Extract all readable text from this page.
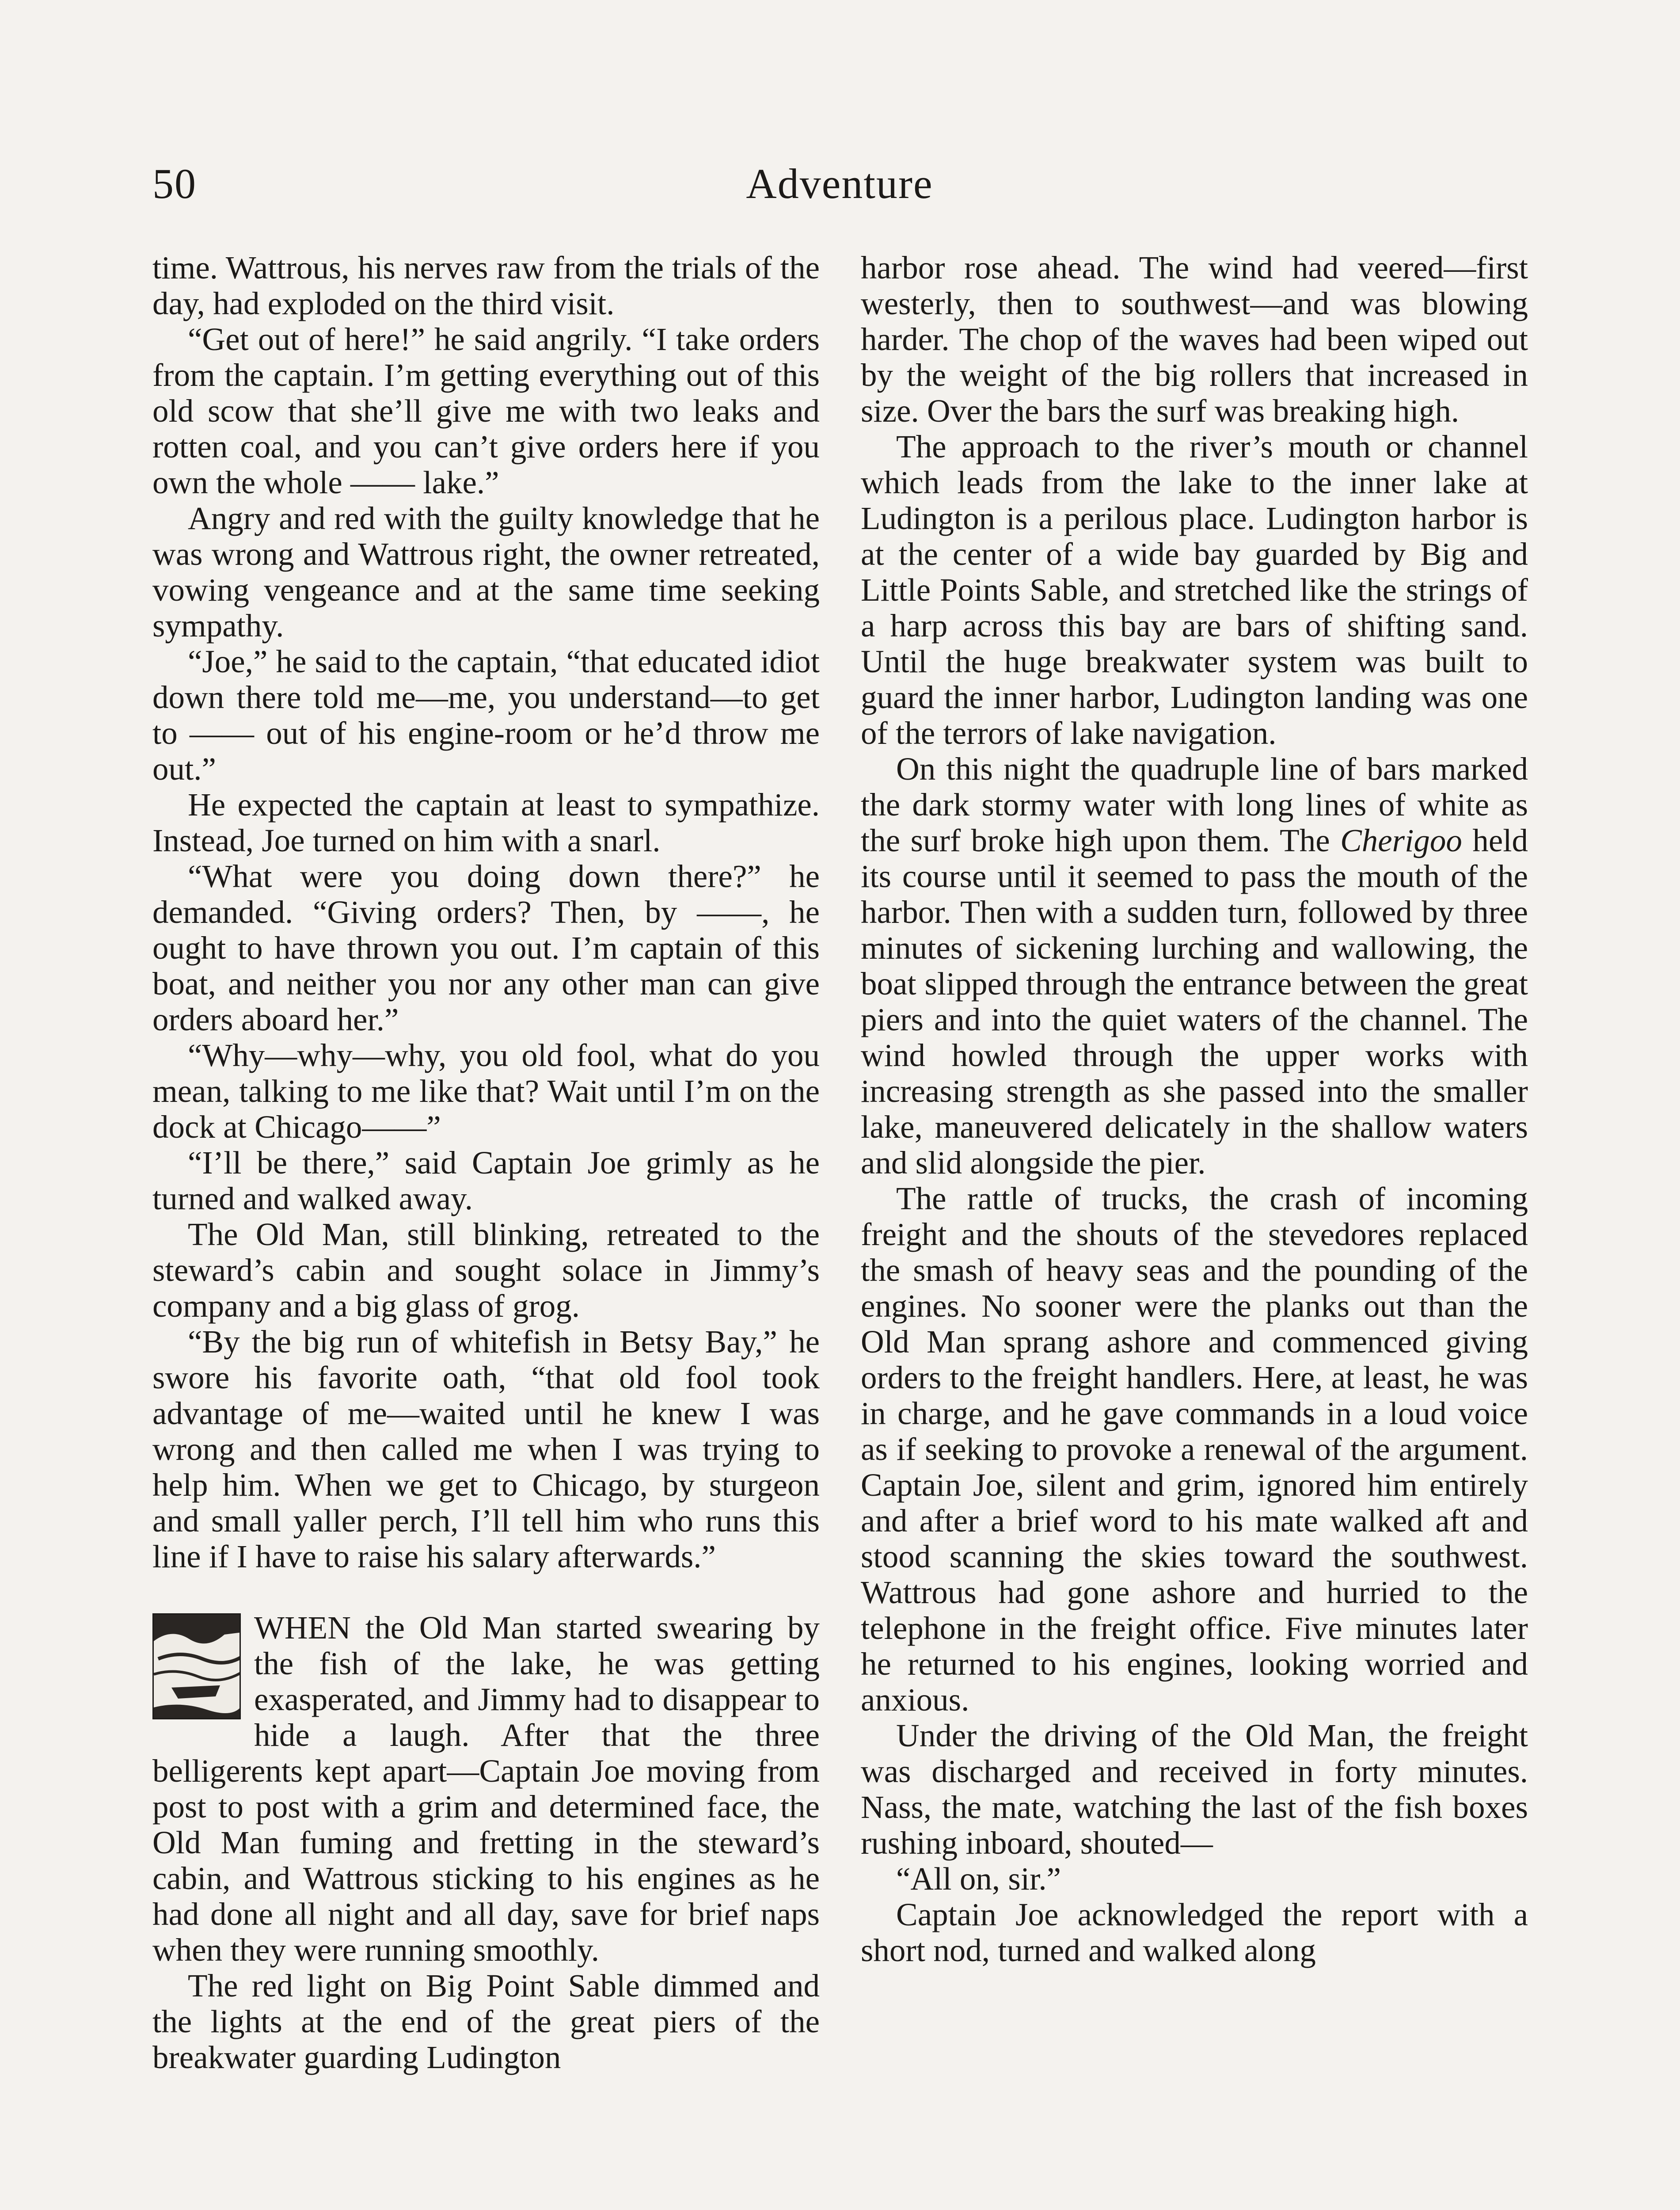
50	Adventure

time. Wattrous, his nerves raw from the trials of the day, had exploded on the third visit.

“Get out of here!” he said angrily. “I take orders from the captain. I’m getting everything out of this old scow that she’ll give me with two leaks and rotten coal, and you can’t give orders here if you own the whole —— lake.”

Angry and red with the guilty knowledge that he was wrong and Wattrous right, the owner retreated, vowing vengeance and at the same time seeking sympathy.

“Joe,” he said to the captain, “that educated idiot down there told me—me, you understand—to get to —— out of his engine-room or he’d throw me out.”

He expected the captain at least to sympathize. Instead, Joe turned on him with a snarl.

“What were you doing down there?” he demanded. “Giving orders? Then, by ——, he ought to have thrown you out. I’m captain of this boat, and neither you nor any other man can give orders aboard her.”

“Why—why—why, you old fool, what do you mean, talking to me like that? Wait until I’m on the dock at Chicago——”

“I’ll be there,” said Captain Joe grimly as he turned and walked away.

The Old Man, still blinking, retreated to the steward’s cabin and sought solace in Jimmy’s company and a big glass of grog.

“By the big run of whitefish in Betsy Bay,” he swore his favorite oath, “that old fool took advantage of me—waited until he knew I was wrong and then called me when I was trying to help him. When we get to Chicago, by sturgeon and small yaller perch, I’ll tell him who runs this line if I have to raise his salary afterwards.”

WHEN the Old Man started swearing by the fish of the lake, he was getting exasperated, and Jimmy had to disappear to hide a laugh. After that the three belligerents kept apart—Captain Joe moving from post to post with a grim and determined face, the Old Man fuming and fretting in the steward’s cabin, and Wattrous sticking to his engines as he had done all night and all day, save for brief naps when they were running smoothly.

The red light on Big Point Sable dimmed and the lights at the end of the great piers of the breakwater guarding Ludington

harbor rose ahead. The wind had veered—first westerly, then to southwest—and was blowing harder. The chop of the waves had been wiped out by the weight of the big rollers that increased in size. Over the bars the surf was breaking high.

The approach to the river’s mouth or channel which leads from the lake to the inner lake at Ludington is a perilous place. Ludington harbor is at the center of a wide bay guarded by Big and Little Points Sable, and stretched like the strings of a harp across this bay are bars of shifting sand. Until the huge breakwater system was built to guard the inner harbor, Ludington landing was one of the terrors of lake navigation.

On this night the quadruple line of bars marked the dark stormy water with long lines of white as the surf broke high upon them. The Cherigoo held its course until it seemed to pass the mouth of the harbor. Then with a sudden turn, followed by three minutes of sickening lurching and wallowing, the boat slipped through the entrance between the great piers and into the quiet waters of the channel. The wind howled through the upper works with increasing strength as she passed into the smaller lake, maneuvered delicately in the shallow waters and slid alongside the pier.

The rattle of trucks, the crash of incoming freight and the shouts of the stevedores replaced the smash of heavy seas and the pounding of the engines. No sooner were the planks out than the Old Man sprang ashore and commenced giving orders to the freight handlers. Here, at least, he was in charge, and he gave commands in a loud voice as if seeking to provoke a renewal of the argument. Captain Joe, silent and grim, ignored him entirely and after a brief word to his mate walked aft and stood scanning the skies toward the southwest. Wattrous had gone ashore and hurried to the telephone in the freight office. Five minutes later he returned to his engines, looking worried and anxious.

Under the driving of the Old Man, the freight was discharged and received in forty minutes. Nass, the mate, watching the last of the fish boxes rushing inboard, shouted—

“All on, sir.”

Captain Joe acknowledged the report with a short nod, turned and walked along
